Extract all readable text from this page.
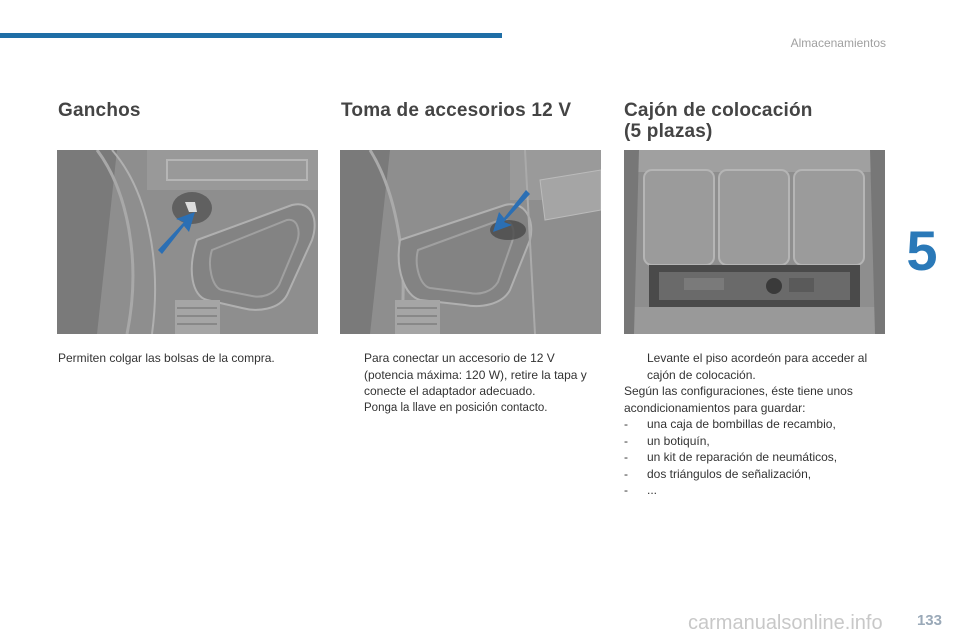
Almacenamientos
5
Ganchos
Permiten colgar las bolsas de la compra.
Toma de accesorios 12 V
Para conectar un accesorio de 12 V (potencia máxima: 120 W), retire la tapa y conecte el adaptador adecuado.
Ponga la llave en posición contacto.
Cajón de colocación
(5 plazas)
Levante el piso acordeón para acceder al cajón de colocación.
Según las configuraciones, éste tiene unos acondicionamientos para guardar:
- una caja de bombillas de recambio,
- un botiquín,
- un kit de reparación de neumáticos,
- dos triángulos de señalización,
- ...
carmanualsonline.info 133
